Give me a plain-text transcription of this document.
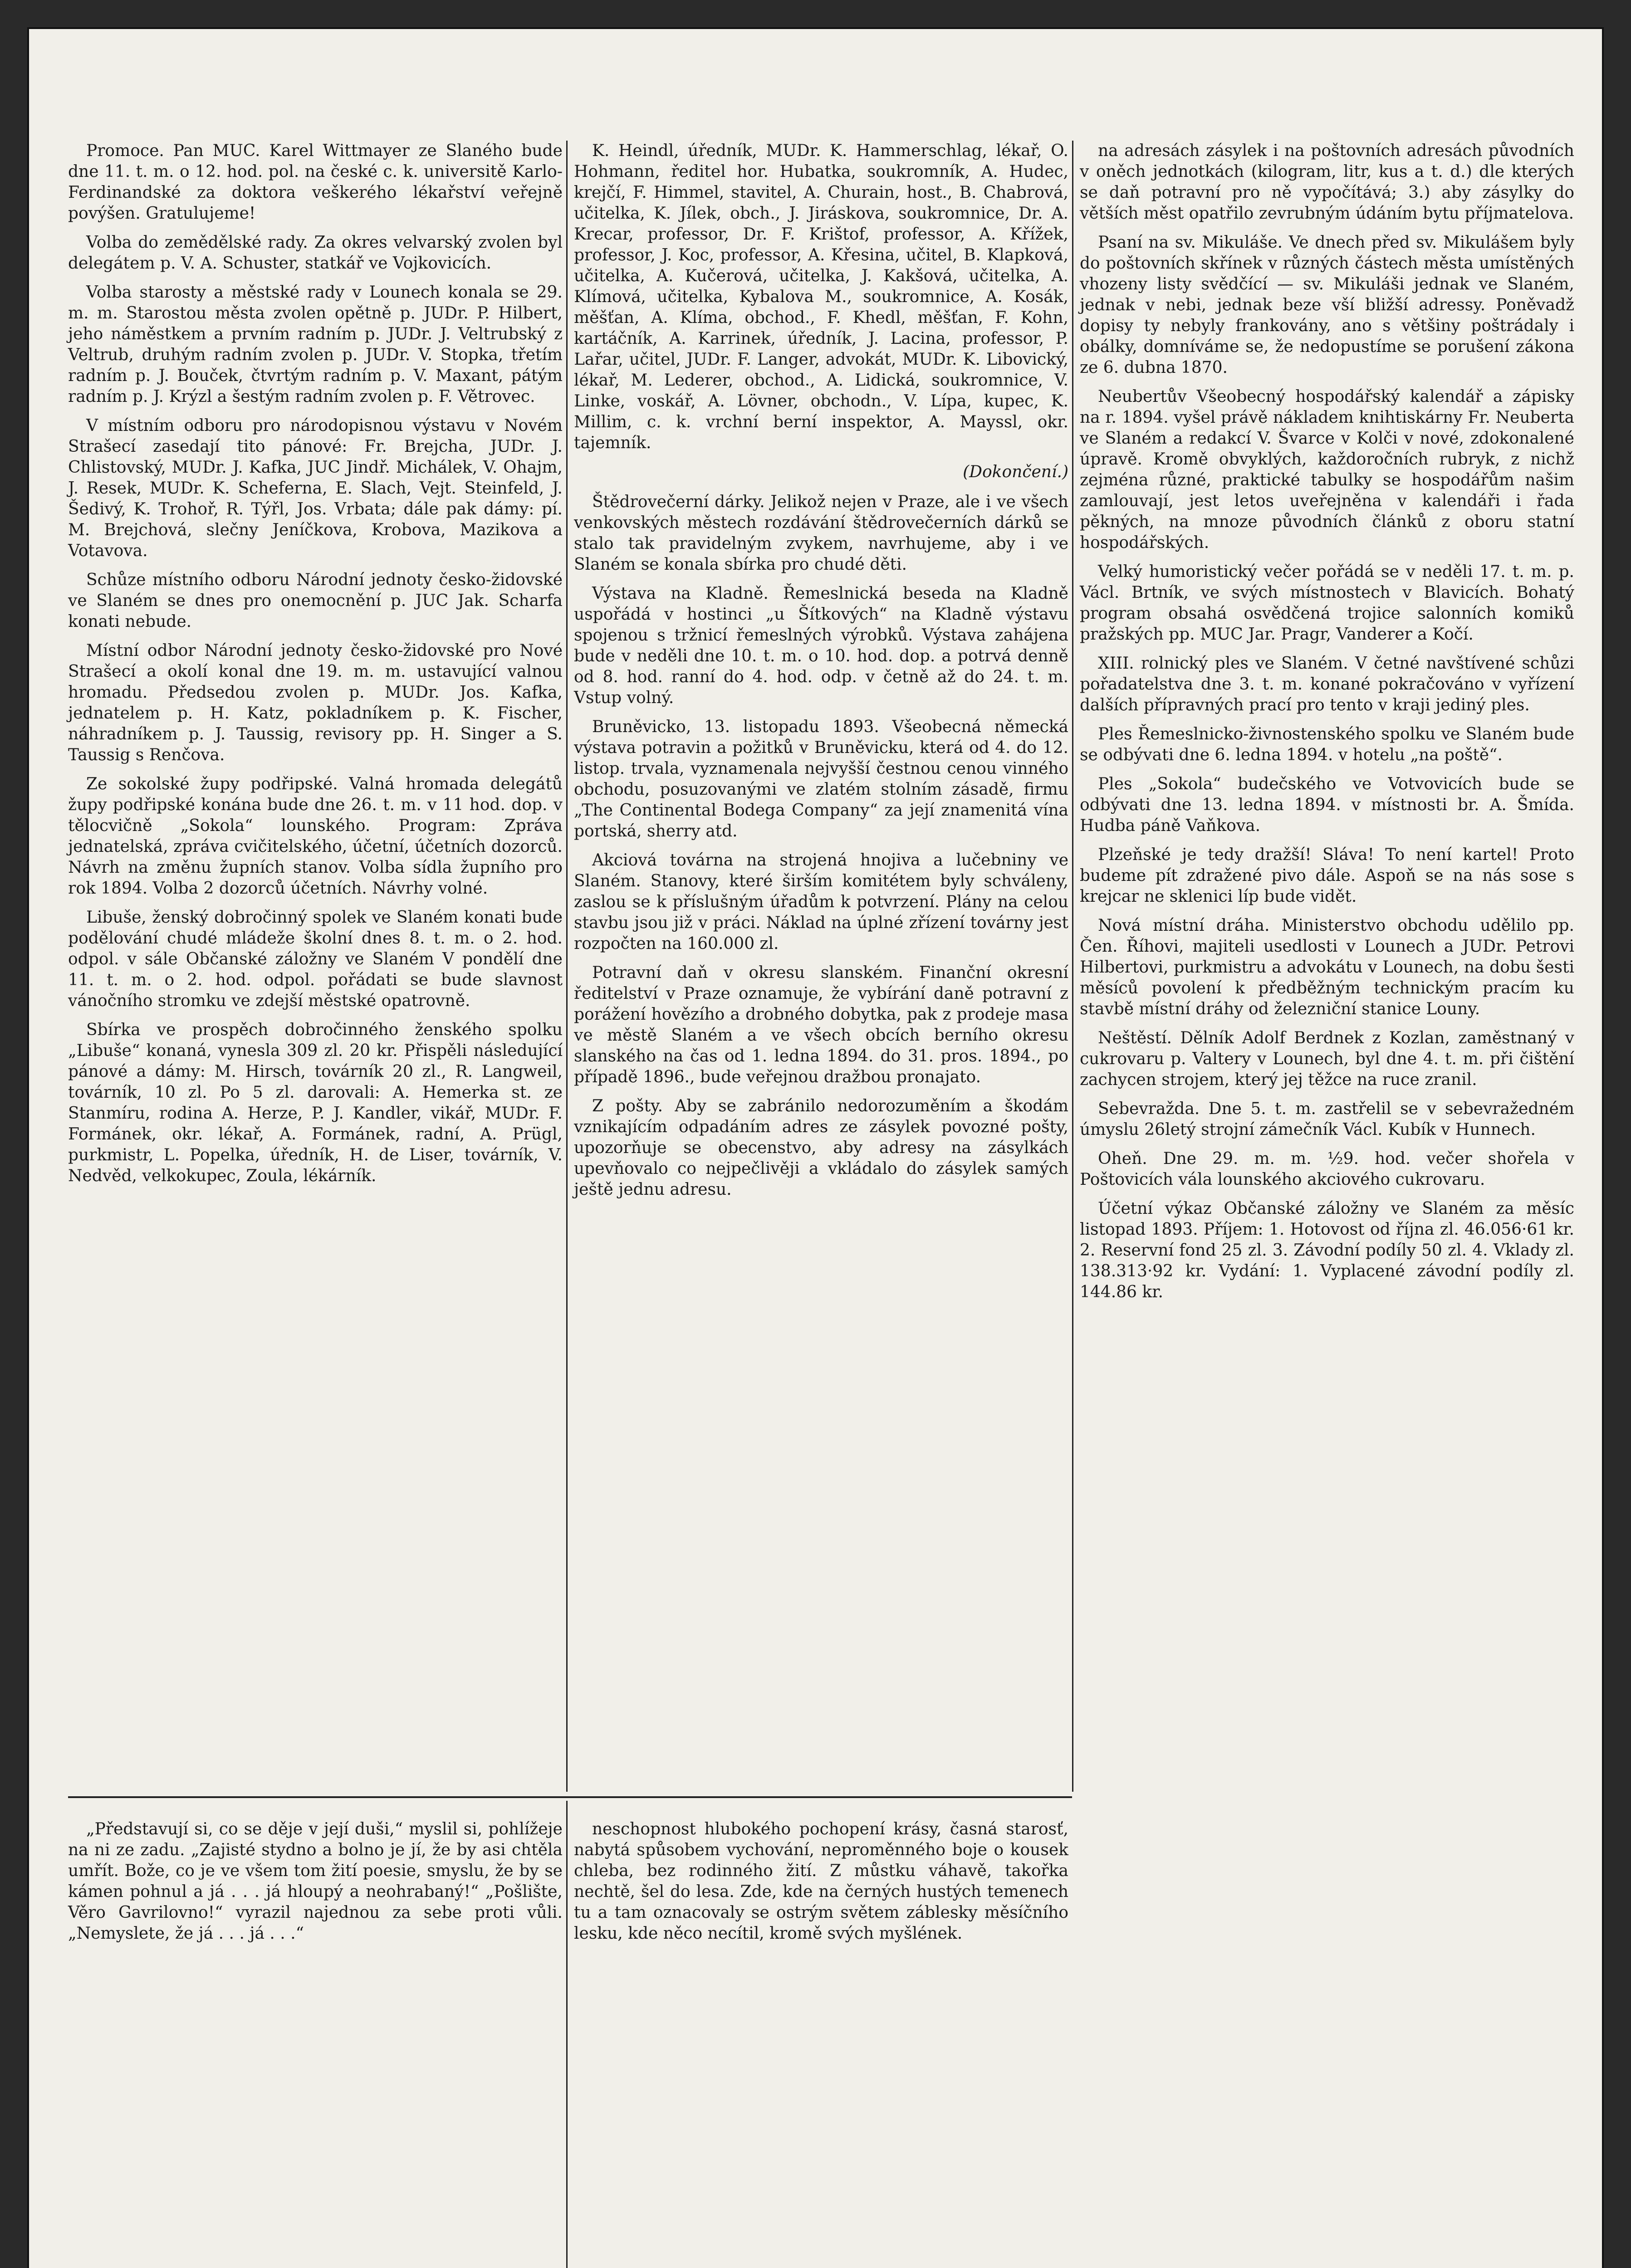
Promoce. Pan MUC. Karel Wittmayer ze Slaného bude dne 11. t. m. o 12. hod. pol. na české c. k. universitě Karlo-Ferdinandské za doktora veškerého lékařství veřejně povýšen. Gratulujeme!

Volba do zemědělské rady. Za okres velvarský zvolen byl delegátem p. V. A. Schuster, statkář ve Vojkovicích.

Volba starosty a městské rady v Lounech konala se 29. m. m. Starostou města zvolen opětně p. JUDr. P. Hilbert, jeho náměstkem a prvním radním p. JUDr. J. Veltrubský z Veltrub, druhým radním zvolen p. JUDr. V. Stopka, třetím radním p. J. Bouček, čtvrtým radním p. V. Maxant, pátým radním p. J. Krýzl a šestým radním zvolen p. F. Větrovec.

V místním odboru pro národopisnou výstavu v Novém Strašecí zasedají tito pánové: Fr. Brejcha, JUDr. J. Chlistovský, MUDr. J. Kafka, JUC Jindř. Michálek, V. Ohajm, J. Resek, MUDr. K. Scheferna, E. Slach, Vejt. Steinfeld, J. Šedivý, K. Trohoř, R. Týřl, Jos. Vrbata; dále pak dámy: pí. M. Brejchová, slečny Jeníčkova, Krobova, Mazikova a Votavova.

Schůze místního odboru Národní jednoty česko-židovské ve Slaném se dnes pro onemocnění p. JUC Jak. Scharfa konati nebude.

Místní odbor Národní jednoty česko-židovské pro Nové Strašecí a okolí konal dne 19. m. m. ustavující valnou hromadu. Předsedou zvolen p. MUDr. Jos. Kafka, jednatelem p. H. Katz, pokladníkem p. K. Fischer, náhradníkem p. J. Taussig, revisory pp. H. Singer a S. Taussig s Renčova.

Ze sokolské župy podřipské. Valná hromada delegátů župy podřipské konána bude dne 26. t. m. v 11 hod. dop. v tělocvičně „Sokola“ lounského. Program: Zpráva jednatelská, zpráva cvičitelského, účetní, účetních dozorců. Návrh na změnu župních stanov. Volba sídla župního pro rok 1894. Volba 2 dozorců účetních. Návrhy volné.

Libuše, ženský dobročinný spolek ve Slaném konati bude podělování chudé mládeže školní dnes 8. t. m. o 2. hod. odpol. v sále Občanské záložny ve Slaném V pondělí dne 11. t. m. o 2. hod. odpol. pořádati se bude slavnost vánočního stromku ve zdejší městské opatrovně.

Sbírka ve prospěch dobročinného ženského spolku „Libuše“ konaná, vynesla 309 zl. 20 kr. Přispěli následující pánové a dámy: M. Hirsch, továrník 20 zl., R. Langweil, továrník, 10 zl. Po 5 zl. darovali: A. Hemerka st. ze Stanmíru, rodina A. Herze, P. J. Kandler, vikář, MUDr. F. Formánek, okr. lékař, A. Formánek, radní, A. Prügl, purkmistr, L. Popelka, úředník, H. de Liser, továrník, V. Nedvěd, velkokupec, Zoula, lékárník.

K. Heindl, úředník, MUDr. K. Hammerschlag, lékař, O. Hohmann, ředitel hor. Hubatka, soukromník, A. Hudec, krejčí, F. Himmel, stavitel, A. Churain, host., B. Chabrová, učitelka, K. Jílek, obch., J. Jiráskova, soukromnice, Dr. A. Krecar, professor, Dr. F. Krištof, professor, A. Křížek, professor, J. Koc, professor, A. Křesina, učitel, B. Klapková, učitelka, A. Kučerová, učitelka, J. Kakšová, učitelka, A. Klímová, učitelka, Kybalova M., soukromnice, A. Kosák, měšťan, A. Klíma, obchod., F. Khedl, měšťan, F. Kohn, kartáčník, A. Karrinek, úředník, J. Lacina, professor, P. Lařar, učitel, JUDr. F. Langer, advokát, MUDr. K. Libovický, lékař, M. Lederer, obchod., A. Lidická, soukromnice, V. Linke, voskář, A. Lövner, obchodn., V. Lípa, kupec, K. Millim, c. k. vrchní berní inspektor, A. Mayssl, okr. tajemník.

(Dokončení.)

Štědrovečerní dárky. Jelikož nejen v Praze, ale i ve všech venkovských městech rozdávání štědrovečerních dárků se stalo tak pravidelným zvykem, navrhujeme, aby i ve Slaném se konala sbírka pro chudé děti.

Výstava na Kladně. Řemeslnická beseda na Kladně uspořádá v hostinci „u Šítkových“ na Kladně výstavu spojenou s tržnicí řemeslných výrobků. Výstava zahájena bude v neděli dne 10. t. m. o 10. hod. dop. a potrvá denně od 8. hod. ranní do 4. hod. odp. v četně až do 24. t. m. Vstup volný.

Bruněvicko, 13. listopadu 1893. Všeobecná německá výstava potravin a požitků v Bruněvicku, která od 4. do 12. listop. trvala, vyznamenala nejvyšší čestnou cenou vinného obchodu, posuzovanými ve zlatém stolním zásadě, firmu „The Continental Bodega Company“ za její znamenitá vína portská, sherry atd.

Akciová továrna na strojená hnojiva a lučebniny ve Slaném. Stanovy, které širším komitétem byly schváleny, zaslou se k příslušným úřadům k potvrzení. Plány na celou stavbu jsou již v práci. Náklad na úplné zřízení továrny jest rozpočten na 160.000 zl.

Potravní daň v okresu slanském. Finanční okresní ředitelství v Praze oznamuje, že vybírání daně potravní z porážení hovězího a drobného dobytka, pak z prodeje masa ve městě Slaném a ve všech obcích berního okresu slanského na čas od 1. ledna 1894. do 31. pros. 1894., po případě 1896., bude veřejnou dražbou pronajato.

Z pošty. Aby se zabránilo nedorozuměním a škodám vznikajícím odpadáním adres ze zásylek povozné pošty, upozorňuje se obecenstvo, aby adresy na zásylkách upevňovalo co nejpečlivěji a vkládalo do zásylek samých ještě jednu adresu.

na adresách zásylek i na poštovních adresách původních v oněch jednotkách (kilogram, litr, kus a t. d.) dle kterých se daň potravní pro ně vypočítává; 3.) aby zásylky do větších měst opatřilo zevrubným údáním bytu příjmatelova.

Psaní na sv. Mikuláše. Ve dnech před sv. Mikulášem byly do poštovních skřínek v různých částech města umístěných vhozeny listy svědčící — sv. Mikuláši jednak ve Slaném, jednak v nebi, jednak beze vší bližší adressy. Poněvadž dopisy ty nebyly frankovány, ano s většiny poštrádaly i obálky, domníváme se, že nedopustíme se porušení zákona ze 6. dubna 1870.

Neubertův Všeobecný hospodářský kalendář a zápisky na r. 1894. vyšel právě nákladem knihtiskárny Fr. Neuberta ve Slaném a redakcí V. Švarce v Kolči v nové, zdokonalené úpravě. Kromě obvyklých, každoročních rubryk, z nichž zejména různé, praktické tabulky se hospodářům našim zamlouvají, jest letos uveřejněna v kalendáři i řada pěkných, na mnoze původních článků z oboru statní hospodářských.

Velký humoristický večer pořádá se v neděli 17. t. m. p. Václ. Brtník, ve svých místnostech v Blavicích. Bohatý program obsahá osvědčená trojice salonních komiků pražských pp. MUC Jar. Pragr, Vanderer a Kočí.

XIII. rolnický ples ve Slaném. V četné navštívené schůzi pořadatelstva dne 3. t. m. konané pokračováno v vyřízení dalších přípravných prací pro tento v kraji jediný ples.

Ples Řemeslnicko-živnostenského spolku ve Slaném bude se odbývati dne 6. ledna 1894. v hotelu „na poště“.

Ples „Sokola“ budečského ve Votvovicích bude se odbývati dne 13. ledna 1894. v místnosti br. A. Šmída. Hudba páně Vaňkova.

Plzeňské je tedy dražší! Sláva! To není kartel! Proto budeme pít zdražené pivo dále. Aspoň se na nás sose s krejcar ne sklenici líp bude vidět.

Nová místní dráha. Ministerstvo obchodu udělilo pp. Čen. Říhovi, majiteli usedlosti v Lounech a JUDr. Petrovi Hilbertovi, purkmistru a advokátu v Lounech, na dobu šesti měsíců povolení k předběžným technickým pracím ku stavbě místní dráhy od železniční stanice Louny.

Neštěstí. Dělník Adolf Berdnek z Kozlan, zaměstnaný v cukrovaru p. Valtery v Lounech, byl dne 4. t. m. při čištění zachycen strojem, který jej těžce na ruce zranil.

Sebevražda. Dne 5. t. m. zastřelil se v sebevražedném úmyslu 26letý strojní zámečník Václ. Kubík v Hunnech.

Oheň. Dne 29. m. m. ½9. hod. večer shořela v Poštovicích vála lounského akciového cukrovaru.

Účetní výkaz Občanské záložny ve Slaném za měsíc listopad 1893. Příjem: 1. Hotovost od října zl. 46.056·61 kr. 2. Reservní fond 25 zl. 3. Závodní podíly 50 zl. 4. Vklady zl. 138.313·92 kr. Vydání: 1. Vyplacené závodní podíly zl. 144.86 kr.

„Představují si, co se děje v její duši,“ myslil si, pohlížeje na ni ze zadu. „Zajisté stydno a bolno je jí, že by asi chtěla umřít. Bože, co je ve všem tom žití poesie, smyslu, že by se kámen pohnul a já . . . já hloupý a neohrabaný!“ „Pošlište, Věro Gavrilovno!“ vyrazil najednou za sebe proti vůli. „Nemyslete, že já . . . já . . .“

neschopnost hlubokého pochopení krásy, časná starosť, nabytá spůsobem vychování, neproměnného boje o kousek chleba, bez rodinného žití. Z můstku váhavě, takořka nechtě, šel do lesa. Zde, kde na černých hustých temenech tu a tam oznacovaly se ostrým světem záblesky měsíčního lesku, kde něco necítil, kromě svých myšlének.
